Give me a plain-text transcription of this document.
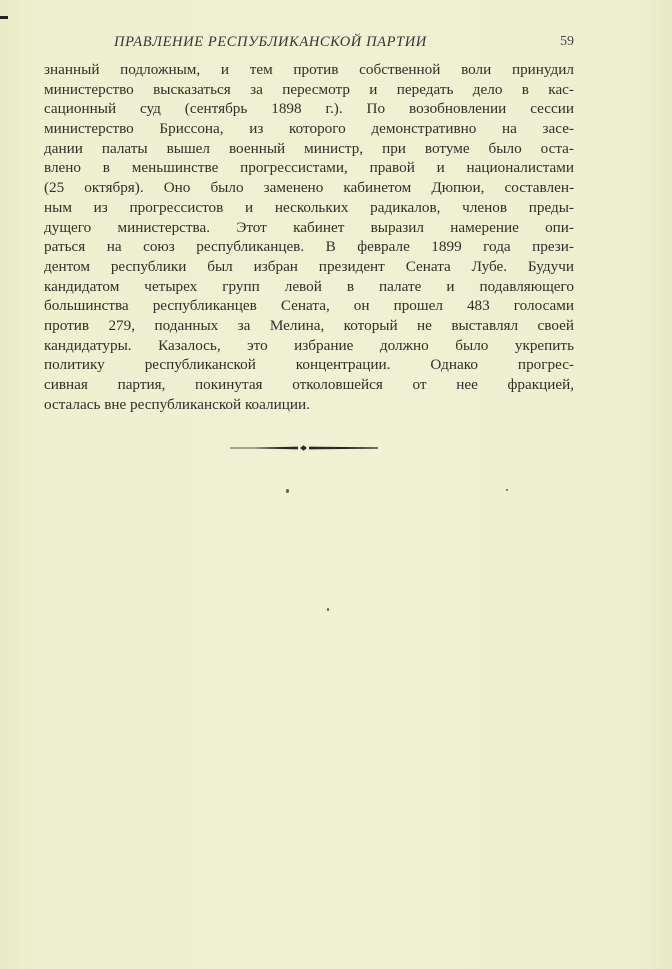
ПРАВЛЕНИЕ РЕСПУБЛИКАНСКОЙ ПАРТИИ	59
знанный подложным, и тем против собственной воли принудил
министерство высказаться за пересмотр и передать дело в кас-
сационный суд (сентябрь 1898 г.). По возобновлении сессии
министерство Бриссона, из которого демонстративно на засе-
дании палаты вышел военный министр, при вотуме было оста-
влено в меньшинстве прогрессистами, правой и националистами
(25 октября). Оно было заменено кабинетом Дюпюи, составлен-
ным из прогрессистов и нескольких радикалов, членов преды-
дущего министерства. Этот кабинет выразил намерение опи-
раться на союз республиканцев. В феврале 1899 года прези-
дентом республики был избран президент Сената Лубе. Будучи
кандидатом четырех групп левой в палате и подавляющего
большинства республиканцев Сената, он прошел 483 голосами
против 279, поданных за Мелина, который не выставлял своей
кандидатуры. Казалось, это избрание должно было укрепить
политику республиканской концентрации. Однако прогрес-
сивная партия, покинутая отколовшейся от нее фракцией,
осталась вне республиканской коалиции.
